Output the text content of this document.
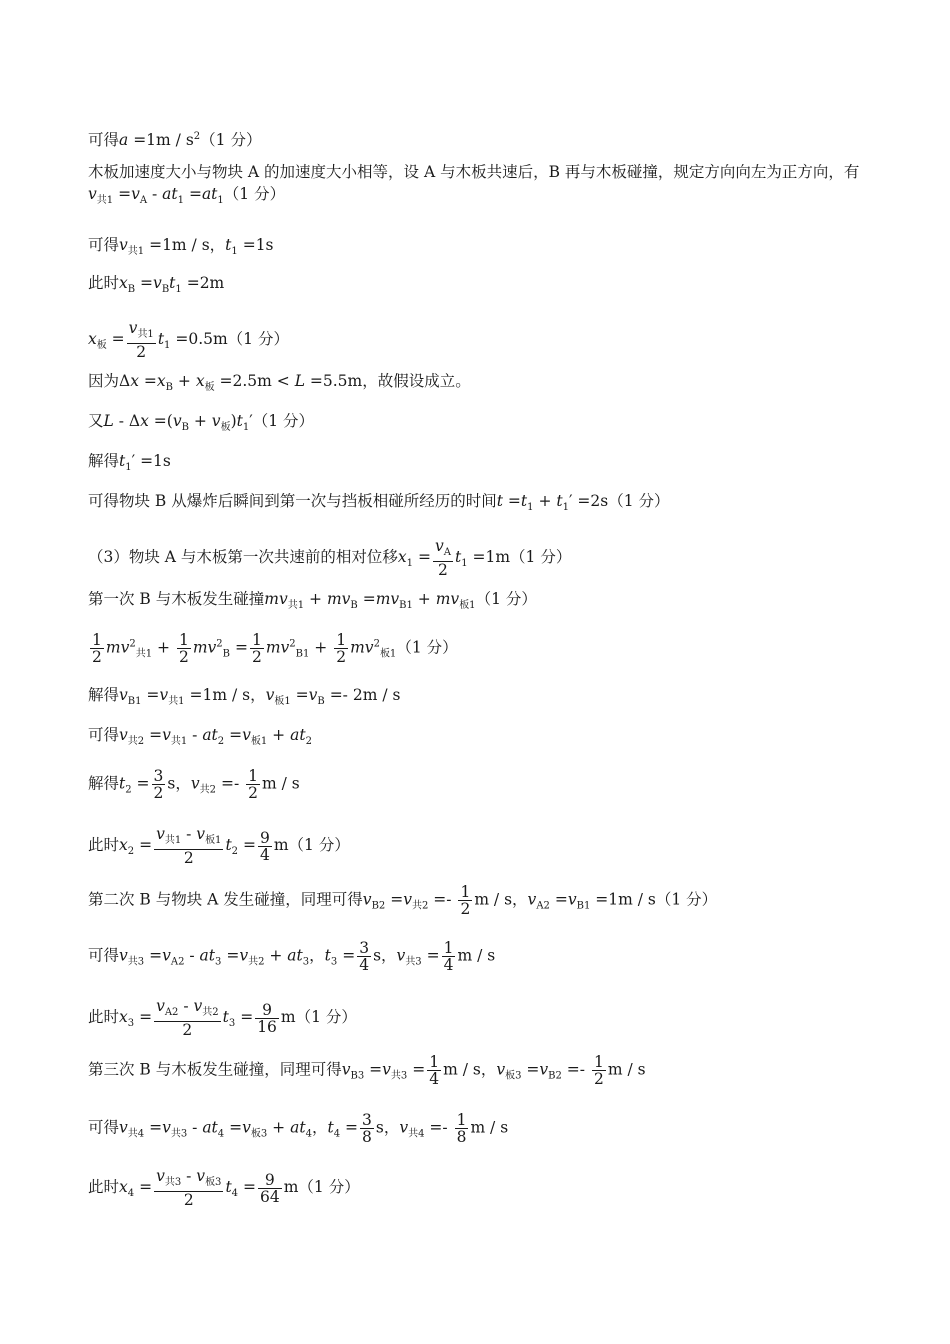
可得$a =1m / s^2(1$ 分）
木板加速度大小与物块 A 的加速度大小相等，设 A 与木板共速后，B 再与木板碰撞，规定方向向左为正方向，有$v_{共1} =v_A - at_1 =at_1(1$ 分）
可得$v_{共1} =1m / s$，$t_1 =1s$
此时$x_B =v_Bt_1 =2m$
$x_板 = \frac{v_{共1}}{2} t_1 =0.5m(1$ 分）
因为$\Delta x =x_B + x_板 =2.5m < L =5.5m$，故假设成立。
又$L - \Delta x =(v_B + v_板)t_1'(1$ 分）
解得$t_1' =1s$
可得物块 B 从爆炸后瞬间到第一次与挡板相碰所经历的时间$t =t_1 + t_1' =2s(1$ 分）
（3）物块 A 与木板第一次共速前的相对位移$x_1 = \frac{v_A}{2} t_1 =1m(1$ 分）
第一次 B 与木板发生碰撞$mv_{共1} + mv_B =mv_{B1} + mv_{板1}(1$ 分）
$\frac{1}{2} mv^2_{共1} + \frac{1}{2} mv^2_B = \frac{1}{2} mv^2_{B1} + \frac{1}{2} mv^2_{板1}(1$ 分）
解得$v_{B1} =v_{共1} =1m / s$，$v_{板1} =v_B =- 2m / s$
可得$v_{共2} =v_{共1} - at_2 =v_{板1} + at_2$
解得$t_2 = \frac{3}{2}$ s，$v_{共2} =- \frac{1}{2}$ m / s
此时$x_2 = \frac{v_{共1} - v_{板1}}{2} t_2 = \frac{9}{4} m(1$ 分）
第二次 B 与物块 A 发生碰撞，同理可得$v_{B2} =v_{共2} =- \frac{1}{2}$ m / s，$v_{A2} =v_{B1} =1m / s(1$ 分）
可得$v_{共3} =v_{A2} - at_3 =v_{共2} + at_3$，$t_3 = \frac{3}{4}$ s，$v_{共3} = \frac{1}{4}$ m / s
此时$x_3 = \frac{v_{A2} - v_{共2}}{2} t_3 = \frac{9}{16} m(1$ 分）
第三次 B 与木板发生碰撞，同理可得$v_{B3} =v_{共3} = \frac{1}{4}$ m / s，$v_{板3} =v_{B2} =- \frac{1}{2}$ m / s
可得$v_{共4} =v_{共3} - at_4 =v_{板3} + at_4$，$t_4 = \frac{3}{8}$ s，$v_{共4} =- \frac{1}{8}$ m / s
此时$x_4 = \frac{v_{共3} - v_{板3}}{2} t_4 = \frac{9}{64} m(1$ 分）
